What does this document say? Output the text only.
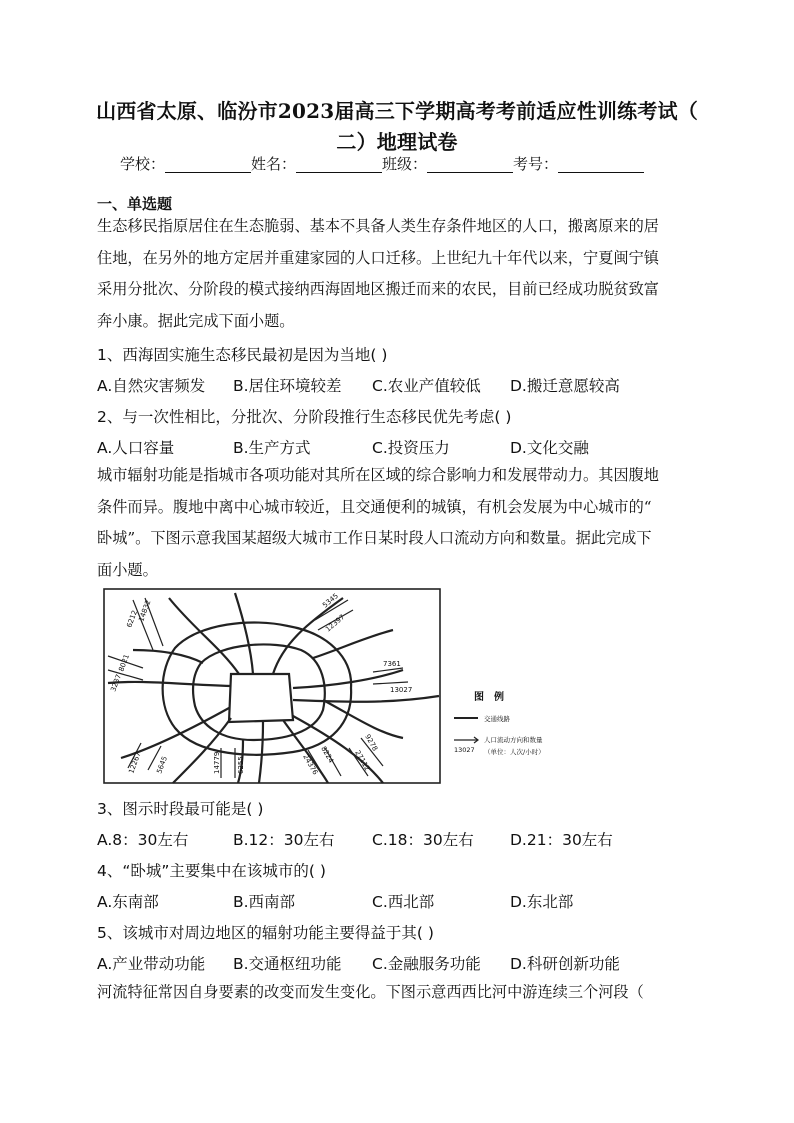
山西省太原、临汾市2023届高三下学期高考考前适应性训练考试（
二）地理试卷
学校：	姓名：	班级：	考号：
一、单选题
生态移民指原居住在生态脆弱、基本不具备人类生存条件地区的人口，搬离原来的居
住地，在另外的地方定居并重建家园的人口迁移。上世纪九十年代以来，宁夏闽宁镇
采用分批次、分阶段的模式接纳西海固地区搬迁而来的农民，目前已经成功脱贫致富
奔小康。据此完成下面小题。
1、西海固实施生态移民最初是因为当地( )
A.自然灾害频发 B.居住环境较差 C.农业产值较低 D.搬迁意愿较高
2、与一次性相比，分批次、分阶段推行生态移民优先考虑( )
A.人口容量	B.生产方式	C.投资压力	D.文化交融
城市辐射功能是指城市各项功能对其所在区域的综合影响力和发展带动力。其因腹地
条件而异。腹地中离中心城市较近，且交通便利的城镇，有机会发展为中心城市的“
卧城”。下图示意我国某超级大城市工作日某时段人口流动方向和数量。据此完成下
面小题。
14832
6212
5345
12397
8021
3237
7361
13027
12267 5645	14779 6255
8224
24376
9278
27112
图　例
交通线路
13027
人口流动方向和数量
（单位：人次/小时）
3、图示时段最可能是( )
A.8：30左右	B.12：30左右 C.18：30左右 D.21：30左右
4、“卧城”主要集中在该城市的( )
A.东南部	B.西南部	C.西北部	D.东北部
5、该城市对周边地区的辐射功能主要得益于其( )
A.产业带动功能 B.交通枢纽功能 C.金融服务功能 D.科研创新功能
河流特征常因自身要素的改变而发生变化。下图示意西西比河中游连续三个河段（
